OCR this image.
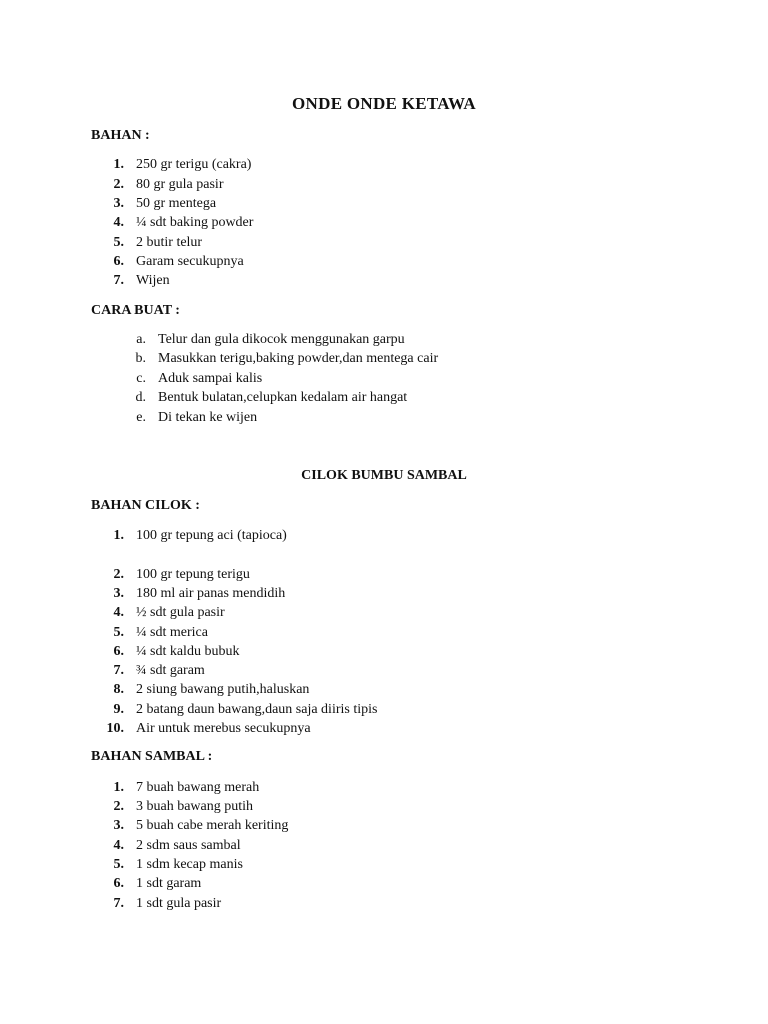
ONDE ONDE KETAWA
BAHAN :
1. 250 gr terigu (cakra)
2. 80 gr gula pasir
3. 50 gr mentega
4. ¼ sdt baking powder
5. 2 butir telur
6. Garam secukupnya
7. Wijen
CARA BUAT :
a. Telur dan gula dikocok menggunakan garpu
b. Masukkan terigu,baking powder,dan mentega cair
c. Aduk sampai kalis
d. Bentuk bulatan,celupkan kedalam air hangat
e. Di tekan ke wijen
CILOK BUMBU SAMBAL
BAHAN CILOK :
1. 100 gr tepung aci (tapioca)
2. 100 gr tepung terigu
3. 180 ml air panas mendidih
4. ½ sdt gula pasir
5. ¼ sdt merica
6. ¼ sdt kaldu bubuk
7. ¾ sdt garam
8. 2 siung bawang putih,haluskan
9. 2 batang daun bawang,daun saja diiris tipis
10. Air untuk merebus secukupnya
BAHAN SAMBAL :
1. 7 buah bawang merah
2. 3 buah bawang putih
3. 5 buah cabe merah keriting
4. 2 sdm saus sambal
5. 1 sdm kecap manis
6. 1 sdt garam
7. 1 sdt gula pasir
